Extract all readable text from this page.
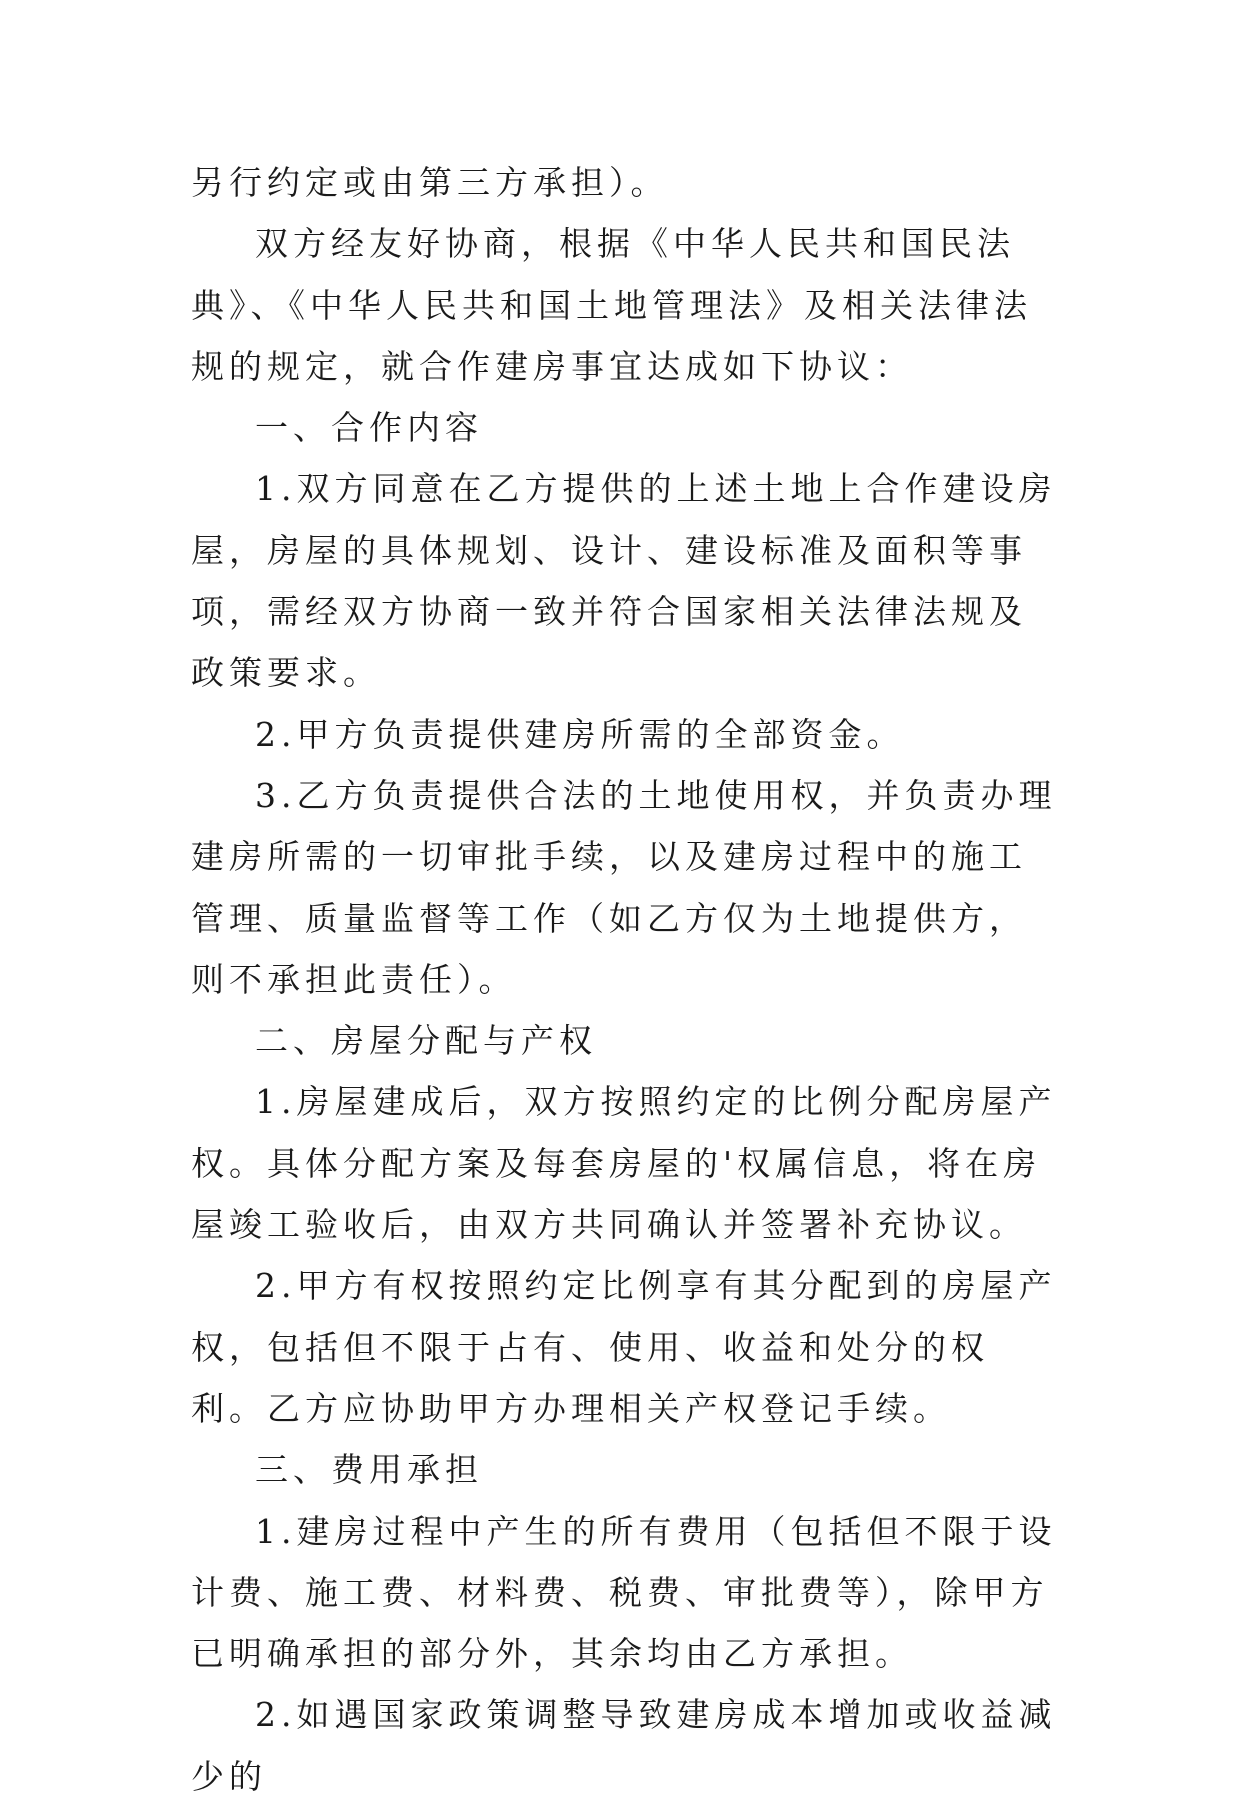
另行约定或由第三方承担）。

双方经友好协商，根据《中华人民共和国民法典》、《中华人民共和国土地管理法》及相关法律法规的规定，就合作建房事宜达成如下协议：

一、合作内容

1.双方同意在乙方提供的上述土地上合作建设房屋，房屋的具体规划、设计、建设标准及面积等事项，需经双方协商一致并符合国家相关法律法规及政策要求。

2.甲方负责提供建房所需的全部资金。

3.乙方负责提供合法的土地使用权，并负责办理建房所需的一切审批手续，以及建房过程中的施工管理、质量监督等工作（如乙方仅为土地提供方，则不承担此责任）。

二、房屋分配与产权

1.房屋建成后，双方按照约定的比例分配房屋产权。具体分配方案及每套房屋的'权属信息，将在房屋竣工验收后，由双方共同确认并签署补充协议。

2.甲方有权按照约定比例享有其分配到的房屋产权，包括但不限于占有、使用、收益和处分的权利。乙方应协助甲方办理相关产权登记手续。

三、费用承担

1.建房过程中产生的所有费用（包括但不限于设计费、施工费、材料费、税费、审批费等），除甲方已明确承担的部分外，其余均由乙方承担。

2.如遇国家政策调整导致建房成本增加或收益减少的
